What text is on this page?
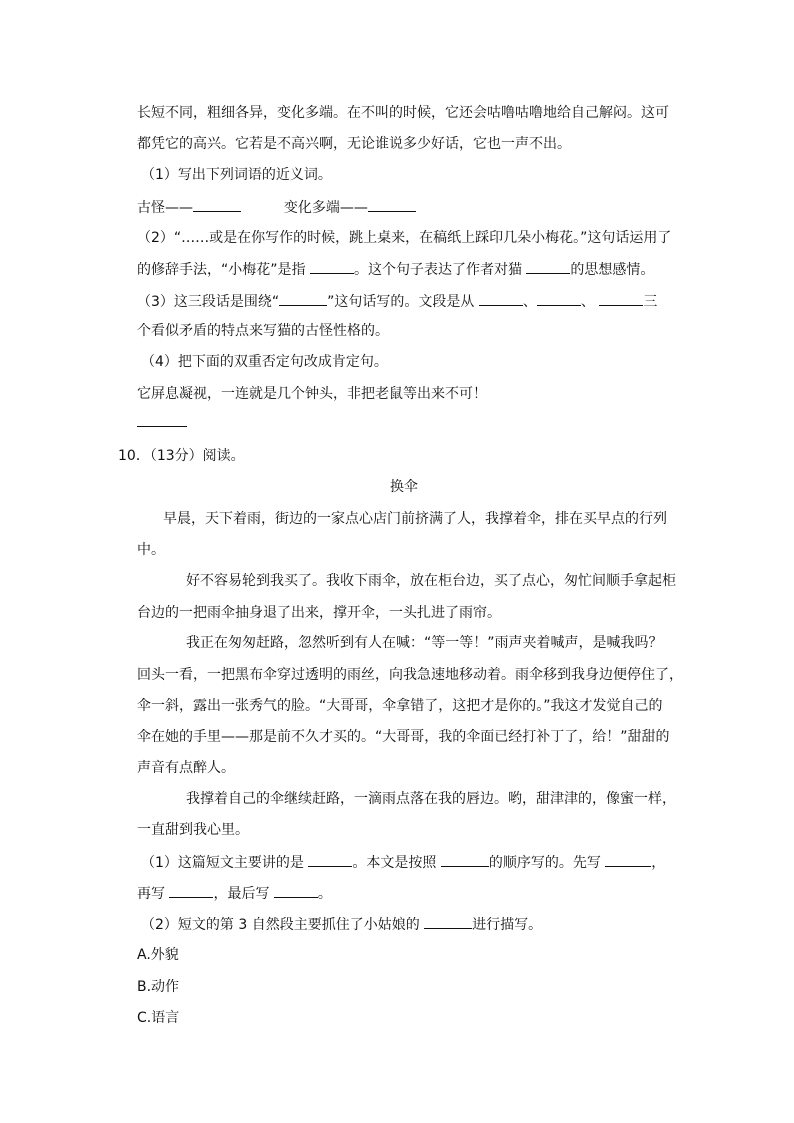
长短不同，粗细各异，变化多端。在不叫的时候，它还会咕噜咕噜地给自己解闷。这可
都凭它的高兴。它若是不高兴啊，无论谁说多少好话，它也一声不出。
（1）写出下列词语的近义词。
古怪——	变化多端——
（2）“……或是在你写作的时候，跳上桌来，在稿纸上踩印几朵小梅花。”这句话运用了
的修辞手法，“小梅花”是指	。这个句子表达了作者对猫	的思想感情。
（3）这三段话是围绕“	”这句话写的。文段是从	、	、	三
个看似矛盾的特点来写猫的古怪性格的。
（4）把下面的双重否定句改成肯定句。
它屏息凝视，一连就是几个钟头，非把老鼠等出来不可！
10．（13分）阅读。
换伞
早晨，天下着雨，街边的一家点心店门前挤满了人，我撑着伞，排在买早点的行列
中。
好不容易轮到我买了。我收下雨伞，放在柜台边，买了点心，匆忙间顺手拿起柜
台边的一把雨伞抽身退了出来，撑开伞，一头扎进了雨帘。
我正在匆匆赶路，忽然听到有人在喊：“等一等！”雨声夹着喊声，是喊我吗？
回头一看，一把黑布伞穿过透明的雨丝，向我急速地移动着。雨伞移到我身边便停住了，
伞一斜，露出一张秀气的脸。“大哥哥，伞拿错了，这把才是你的。”我这才发觉自己的
伞在她的手里——那是前不久才买的。“大哥哥，我的伞面已经打补丁了，给！”甜甜的
声音有点醉人。
我撑着自己的伞继续赶路，一滴雨点落在我的唇边。哟，甜津津的，像蜜一样，
一直甜到我心里。
（1）这篇短文主要讲的是	。本文是按照	的顺序写的。先写	，
再写	，最后写	。
（2）短文的第 3 自然段主要抓住了小姑娘的	进行描写。
A.外貌
B.动作
C.语言
